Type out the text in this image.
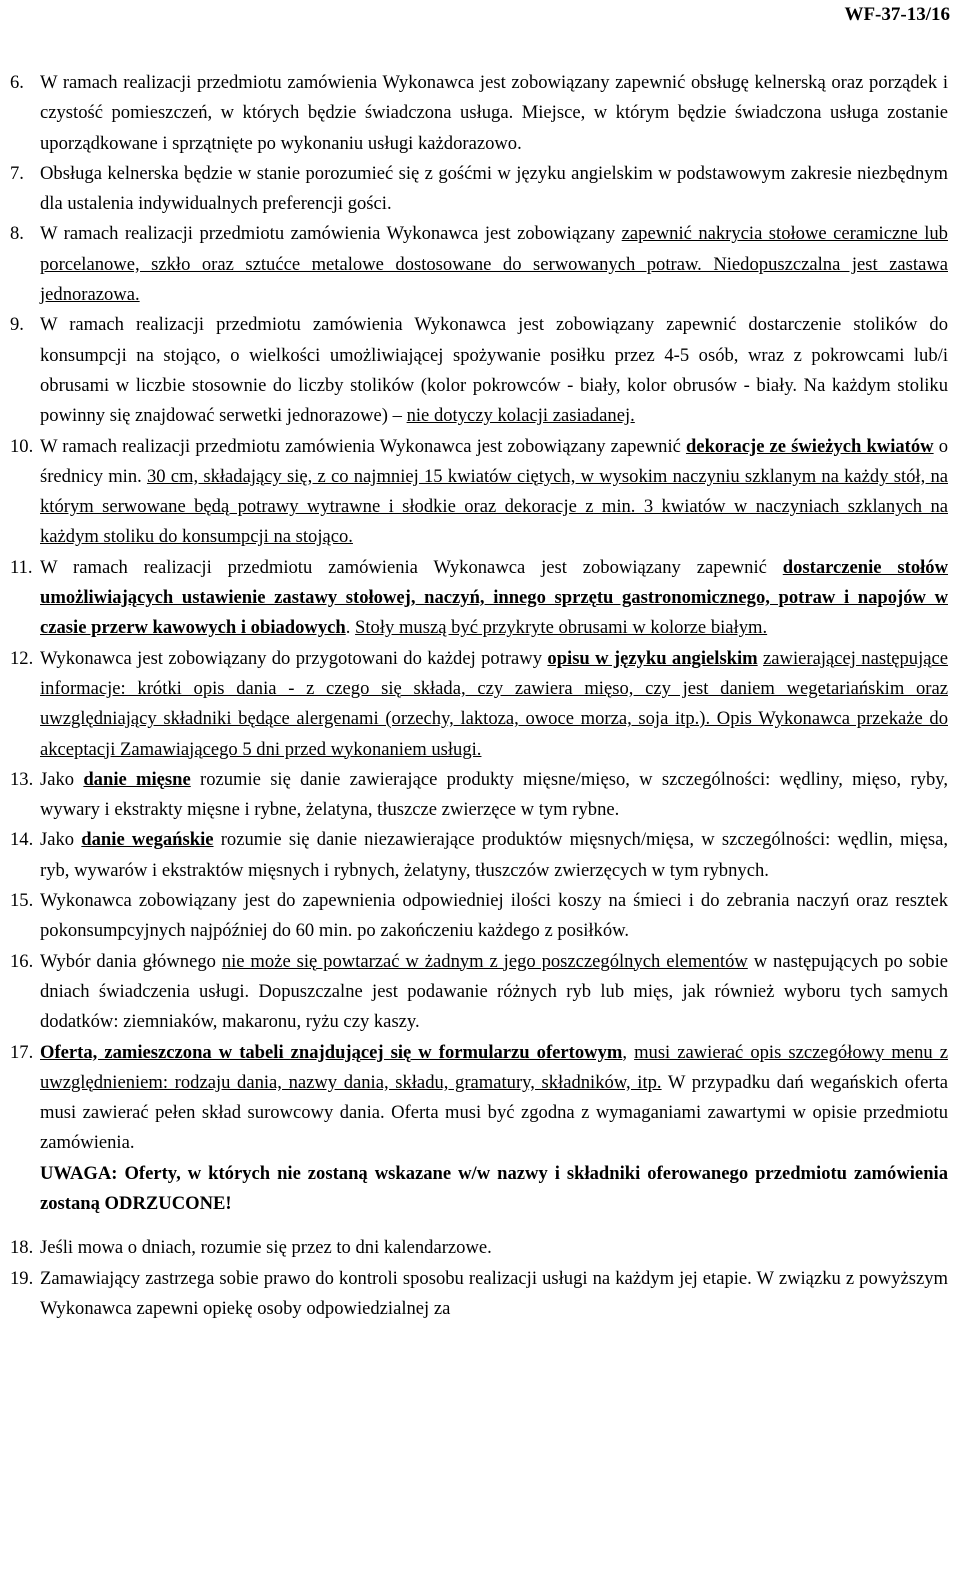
WF-37-13/16
6. W ramach realizacji przedmiotu zamówienia Wykonawca jest zobowiązany zapewnić obsługę kelnerską oraz porządek i czystość pomieszczeń, w których będzie świadczona usługa. Miejsce, w którym będzie świadczona usługa zostanie uporządkowane i sprzątnięte po wykonaniu usługi każdorazowo.
7. Obsługa kelnerska będzie w stanie porozumieć się z gośćmi w języku angielskim w podstawowym zakresie niezbędnym dla ustalenia indywidualnych preferencji gości.
8. W ramach realizacji przedmiotu zamówienia Wykonawca jest zobowiązany zapewnić nakrycia stołowe ceramiczne lub porcelanowe, szkło oraz sztućce metalowe dostosowane do serwowanych potraw. Niedopuszczalna jest zastawa jednorazowa.
9. W ramach realizacji przedmiotu zamówienia Wykonawca jest zobowiązany zapewnić dostarczenie stolików do konsumpcji na stojąco, o wielkości umożliwiającej spożywanie posiłku przez 4-5 osób, wraz z pokrowcami lub/i obrusami w liczbie stosownie do liczby stolików (kolor pokrowców - biały, kolor obrusów - biały. Na każdym stoliku powinny się znajdować serwetki jednorazowe) – nie dotyczy kolacji zasiadanej.
10. W ramach realizacji przedmiotu zamówienia Wykonawca jest zobowiązany zapewnić dekoracje ze świeżych kwiatów o średnicy min. 30 cm, składający się, z co najmniej 15 kwiatów ciętych, w wysokim naczyniu szklanym na każdy stół, na którym serwowane będą potrawy wytrawne i słodkie oraz dekoracje z min. 3 kwiatów w naczyniach szklanych na każdym stoliku do konsumpcji na stojąco.
11. W ramach realizacji przedmiotu zamówienia Wykonawca jest zobowiązany zapewnić dostarczenie stołów umożliwiających ustawienie zastawy stołowej, naczyń, innego sprzętu gastronomicznego, potraw i napojów w czasie przerw kawowych i obiadowych. Stoły muszą być przykryte obrusami w kolorze białym.
12. Wykonawca jest zobowiązany do przygotowani do każdej potrawy opisu w języku angielskim zawierającej następujące informacje: krótki opis dania - z czego się składa, czy zawiera mięso, czy jest daniem wegetariańskim oraz uwzględniający składniki będące alergenami (orzechy, laktoza, owoce morza, soja itp.). Opis Wykonawca przekaże do akceptacji Zamawiającego 5 dni przed wykonaniem usługi.
13. Jako danie mięsne rozumie się danie zawierające produkty mięsne/mięso, w szczególności: wędliny, mięso, ryby, wywary i ekstrakty mięsne i rybne, żelatyna, tłuszcze zwierzęce w tym rybne.
14. Jako danie wegańskie rozumie się danie niezawierające produktów mięsnych/mięsa, w szczególności: wędlin, mięsa, ryb, wywarów i ekstraktów mięsnych i rybnych, żelatyny, tłuszczów zwierzęcych w tym rybnych.
15. Wykonawca zobowiązany jest do zapewnienia odpowiedniej ilości koszy na śmieci i do zebrania naczyń oraz resztek pokonsumpcyjnych najpóźniej do 60 min. po zakończeniu każdego z posiłków.
16. Wybór dania głównego nie może się powtarzać w żadnym z jego poszczególnych elementów w następujących po sobie dniach świadczenia usługi. Dopuszczalne jest podawanie różnych ryb lub mięs, jak również wyboru tych samych dodatków: ziemniaków, makaronu, ryżu czy kaszy.
17. Oferta, zamieszczona w tabeli znajdującej się w formularzu ofertowym, musi zawierać opis szczegółowy menu z uwzględnieniem: rodzaju dania, nazwy dania, składu, gramatury, składników, itp. W przypadku dań wegańskich oferta musi zawierać pełen skład surowcowy dania. Oferta musi być zgodna z wymaganiami zawartymi w opisie przedmiotu zamówienia.
UWAGA: Oferty, w których nie zostaną wskazane w/w nazwy i składniki oferowanego przedmiotu zamówienia zostaną ODRZUCONE!
18. Jeśli mowa o dniach, rozumie się przez to dni kalendarzowe.
19. Zamawiający zastrzega sobie prawo do kontroli sposobu realizacji usługi na każdym jej etapie. W związku z powyższym Wykonawca zapewni opiekę osoby odpowiedzialnej za
